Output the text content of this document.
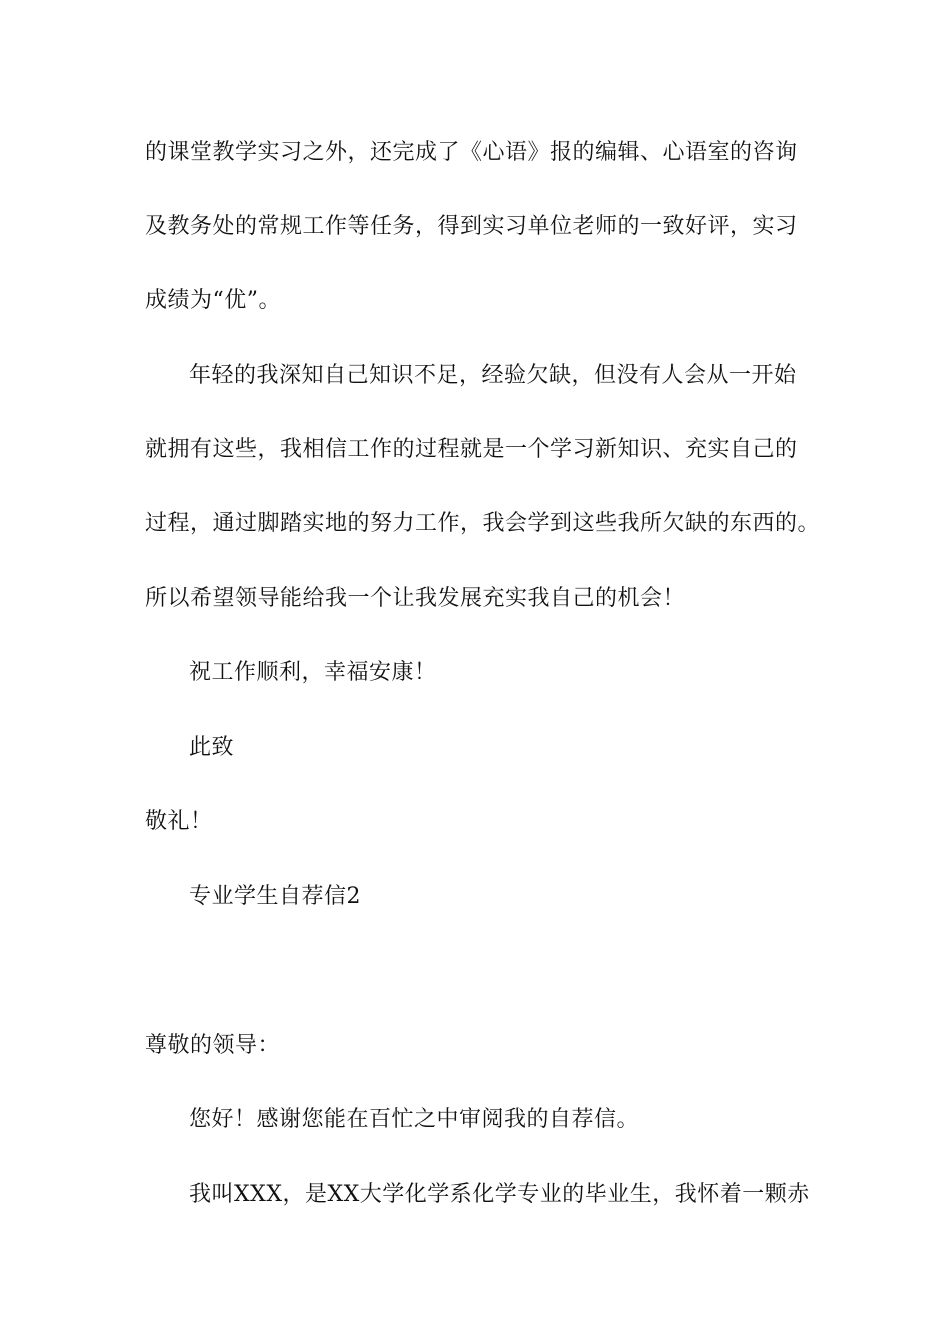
的课堂教学实习之外，还完成了《心语》报的编辑、心语室的咨询
及教务处的常规工作等任务，得到实习单位老师的一致好评，实习
成绩为“优”。
年轻的我深知自己知识不足，经验欠缺，但没有人会从一开始
就拥有这些，我相信工作的过程就是一个学习新知识、充实自己的
过程，通过脚踏实地的努力工作，我会学到这些我所欠缺的东西的。
所以希望领导能给我一个让我发展充实我自己的机会！
祝工作顺利，幸福安康！
此致
敬礼！
专业学生自荐信2
尊敬的领导：
您好！感谢您能在百忙之中审阅我的自荐信。
我叫XXX，是XX大学化学系化学专业的毕业生，我怀着一颗赤
